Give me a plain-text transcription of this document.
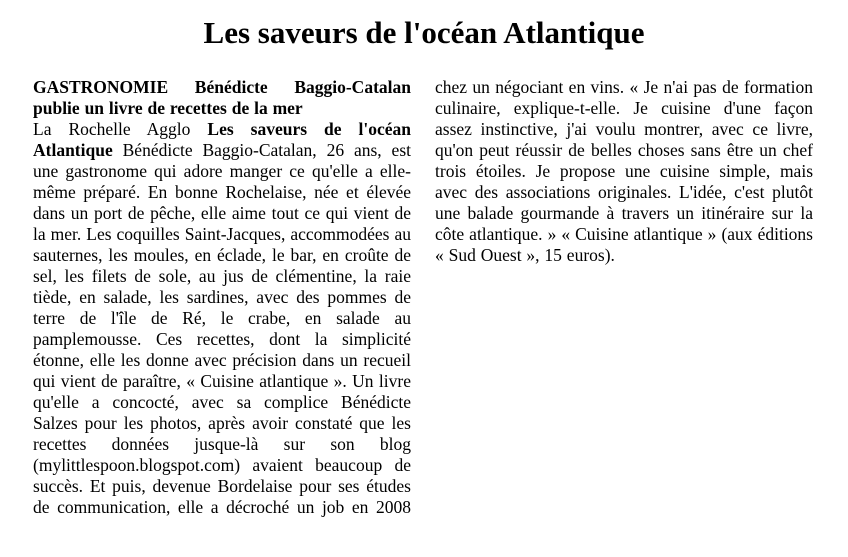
Les saveurs de l'océan Atlantique

GASTRONOMIE Bénédicte Baggio-Catalan publie un livre de recettes de la mer

La Rochelle Agglo Les saveurs de l'océan Atlantique Bénédicte Baggio-Catalan, 26 ans, est une gastronome qui adore manger ce qu'elle a elle-même préparé. En bonne Rochelaise, née et élevée dans un port de pêche, elle aime tout ce qui vient de la mer. Les coquilles Saint-Jacques, accommodées au sauternes, les moules, en éclade, le bar, en croûte de sel, les filets de sole, au jus de clémentine, la raie tiède, en salade, les sardines, avec des pommes de terre de l'île de Ré, le crabe, en salade au pamplemousse. Ces recettes, dont la simplicité étonne, elle les donne avec précision dans un recueil qui vient de paraître, « Cuisine atlantique ». Un livre qu'elle a concocté, avec sa complice Bénédicte Salzes pour les photos, après avoir constaté que les recettes données jusque-là sur son blog (mylittlespoon.blogspot.com) avaient beaucoup de succès. Et puis, devenue Bordelaise pour ses études de communication, elle a décroché un job en 2008 chez un négociant en vins. « Je n'ai pas de formation culinaire, explique-t-elle. Je cuisine d'une façon assez instinctive, j'ai voulu montrer, avec ce livre, qu'on peut réussir de belles choses sans être un chef trois étoiles. Je propose une cuisine simple, mais avec des associations originales. L'idée, c'est plutôt une balade gourmande à travers un itinéraire sur la côte atlantique. » « Cuisine atlantique » (aux éditions « Sud Ouest », 15 euros).
